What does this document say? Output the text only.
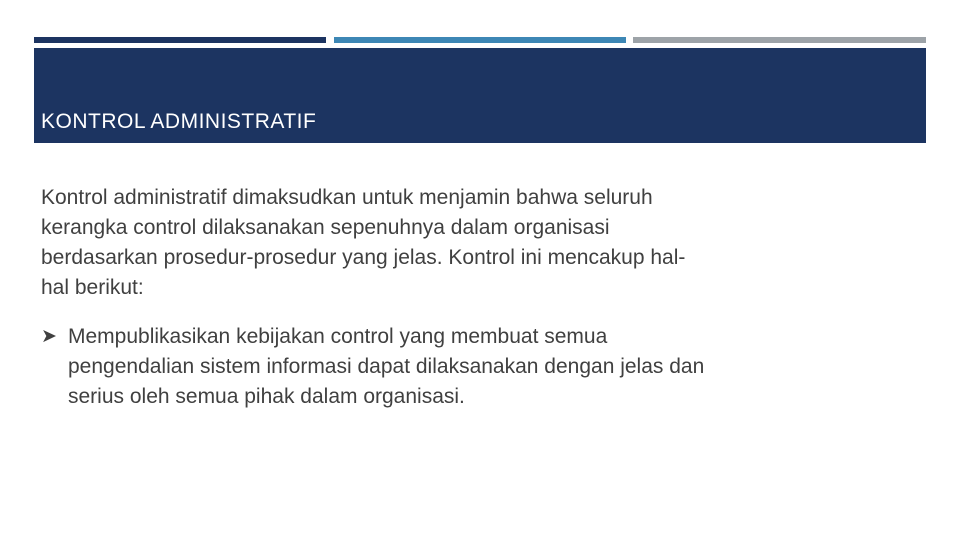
KONTROL ADMINISTRATIF

Kontrol administratif dimaksudkan untuk menjamin bahwa seluruh
kerangka control dilaksanakan sepenuhnya dalam organisasi
berdasarkan prosedur-prosedur yang jelas. Kontrol ini mencakup hal-
hal berikut:

➤ Mempublikasikan kebijakan control yang membuat semua
pengendalian sistem informasi dapat dilaksanakan dengan jelas dan
serius oleh semua pihak dalam organisasi.
